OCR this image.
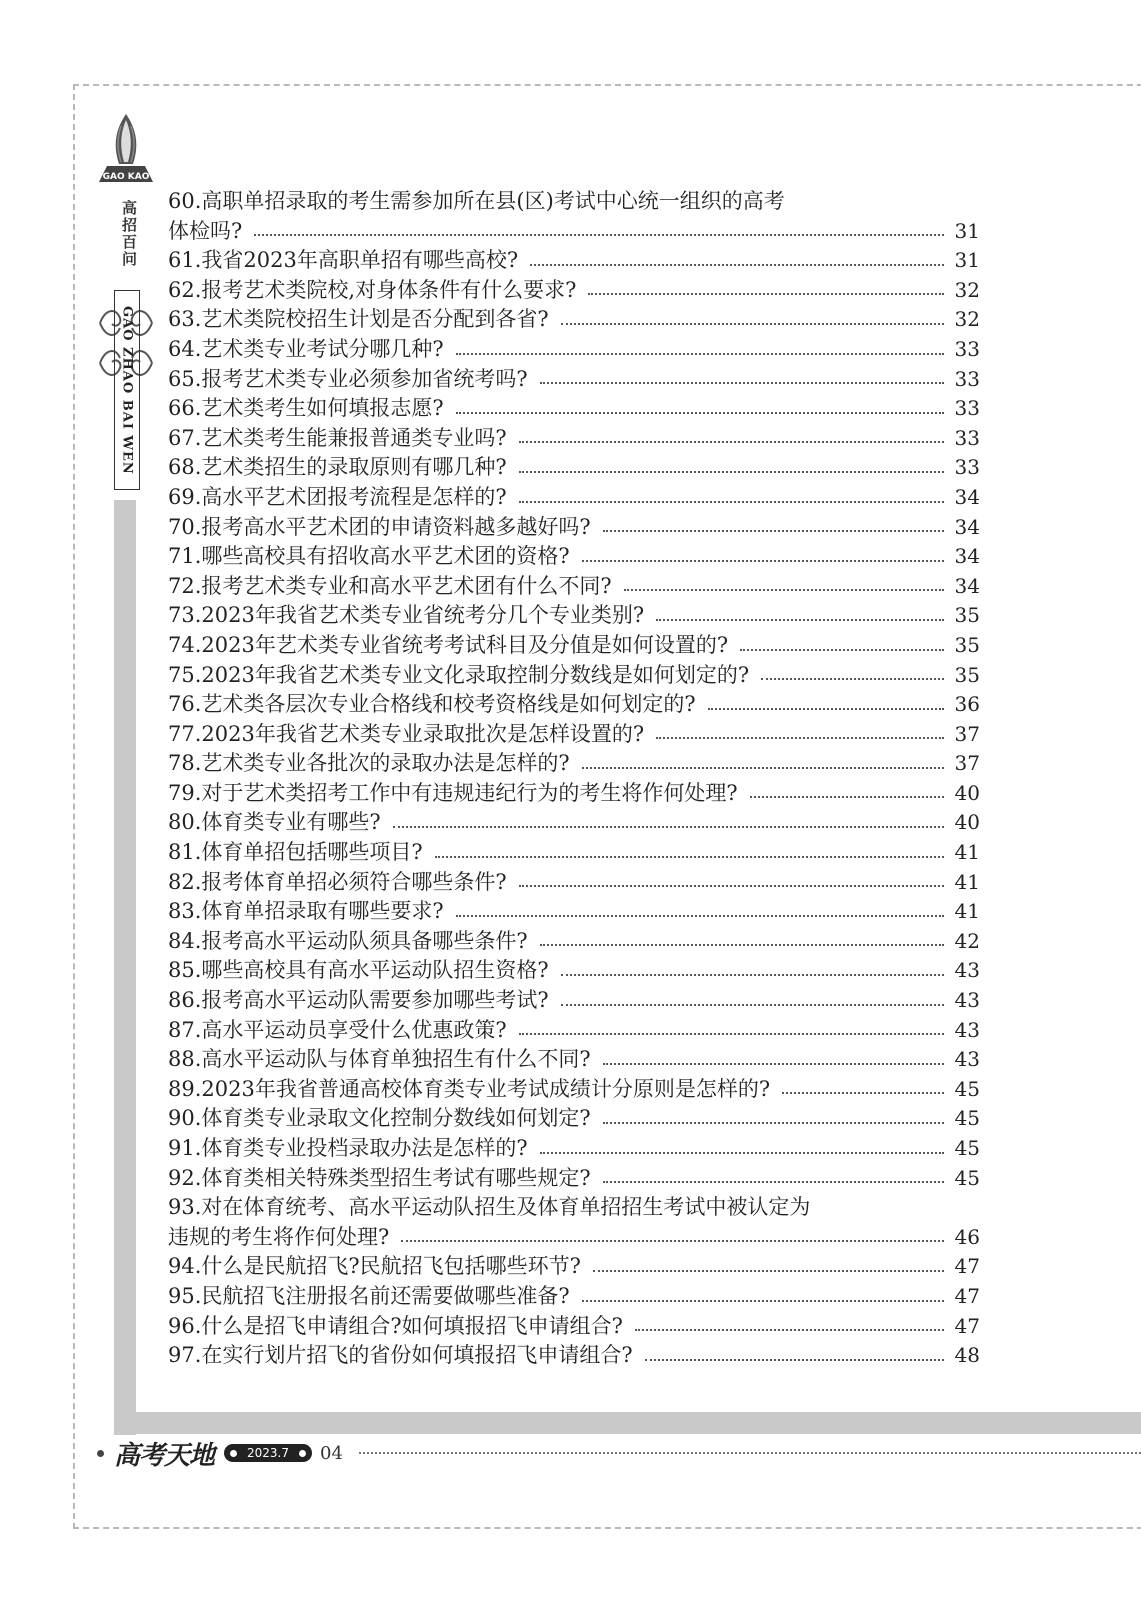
GAO KAO
高招百问
GAO ZHAO BAI WEN
60.高职单招录取的考生需参加所在县(区)考试中心统一组织的高考
体检吗?	31
61.我省2023年高职单招有哪些高校?	31
62.报考艺术类院校,对身体条件有什么要求?	32
63.艺术类院校招生计划是否分配到各省?	32
64.艺术类专业考试分哪几种?	33
65.报考艺术类专业必须参加省统考吗?	33
66.艺术类考生如何填报志愿?	33
67.艺术类考生能兼报普通类专业吗?	33
68.艺术类招生的录取原则有哪几种?	33
69.高水平艺术团报考流程是怎样的?	34
70.报考高水平艺术团的申请资料越多越好吗?	34
71.哪些高校具有招收高水平艺术团的资格?	34
72.报考艺术类专业和高水平艺术团有什么不同?	34
73.2023年我省艺术类专业省统考分几个专业类别?	35
74.2023年艺术类专业省统考考试科目及分值是如何设置的?	35
75.2023年我省艺术类专业文化录取控制分数线是如何划定的?	35
76.艺术类各层次专业合格线和校考资格线是如何划定的?	36
77.2023年我省艺术类专业录取批次是怎样设置的?	37
78.艺术类专业各批次的录取办法是怎样的?	37
79.对于艺术类招考工作中有违规违纪行为的考生将作何处理?	40
80.体育类专业有哪些?	40
81.体育单招包括哪些项目?	41
82.报考体育单招必须符合哪些条件?	41
83.体育单招录取有哪些要求?	41
84.报考高水平运动队须具备哪些条件?	42
85.哪些高校具有高水平运动队招生资格?	43
86.报考高水平运动队需要参加哪些考试?	43
87.高水平运动员享受什么优惠政策?	43
88.高水平运动队与体育单独招生有什么不同?	43
89.2023年我省普通高校体育类专业考试成绩计分原则是怎样的?	45
90.体育类专业录取文化控制分数线如何划定?	45
91.体育类专业投档录取办法是怎样的?	45
92.体育类相关特殊类型招生考试有哪些规定?	45
93.对在体育统考、高水平运动队招生及体育单招招生考试中被认定为
违规的考生将作何处理?	46
94.什么是民航招飞?民航招飞包括哪些环节?	47
95.民航招飞注册报名前还需要做哪些准备?	47
96.什么是招飞申请组合?如何填报招飞申请组合?	47
97.在实行划片招飞的省份如何填报招飞申请组合?	48
高考天地	2023.7 04
